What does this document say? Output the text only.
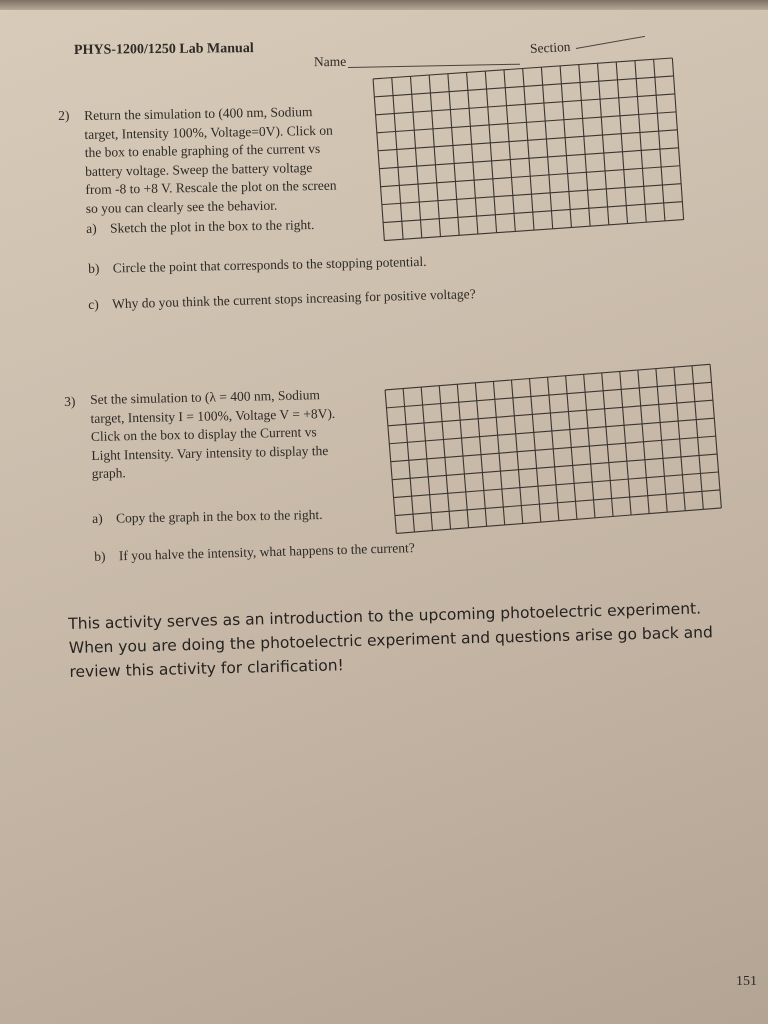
PHYS-1200/1250 Lab Manual
Name
Section
2) Return the simulation to (400 nm, Sodium
target, Intensity 100%, Voltage=0V). Click on
the box to enable graphing of the current vs
battery voltage. Sweep the battery voltage
from -8 to +8 V. Rescale the plot on the screen
so you can clearly see the behavior.
a) Sketch the plot in the box to the right.
b) Circle the point that corresponds to the stopping potential.
c) Why do you think the current stops increasing for positive voltage?
3) Set the simulation to (λ = 400 nm, Sodium
target, Intensity I = 100%, Voltage V = +8V).
Click on the box to display the Current vs
Light Intensity. Vary intensity to display the
graph.
a) Copy the graph in the box to the right.
b) If you halve the intensity, what happens to the current?
This activity serves as an introduction to the upcoming photoelectric experiment.
When you are doing the photoelectric experiment and questions arise go back and
review this activity for clarification!
151
